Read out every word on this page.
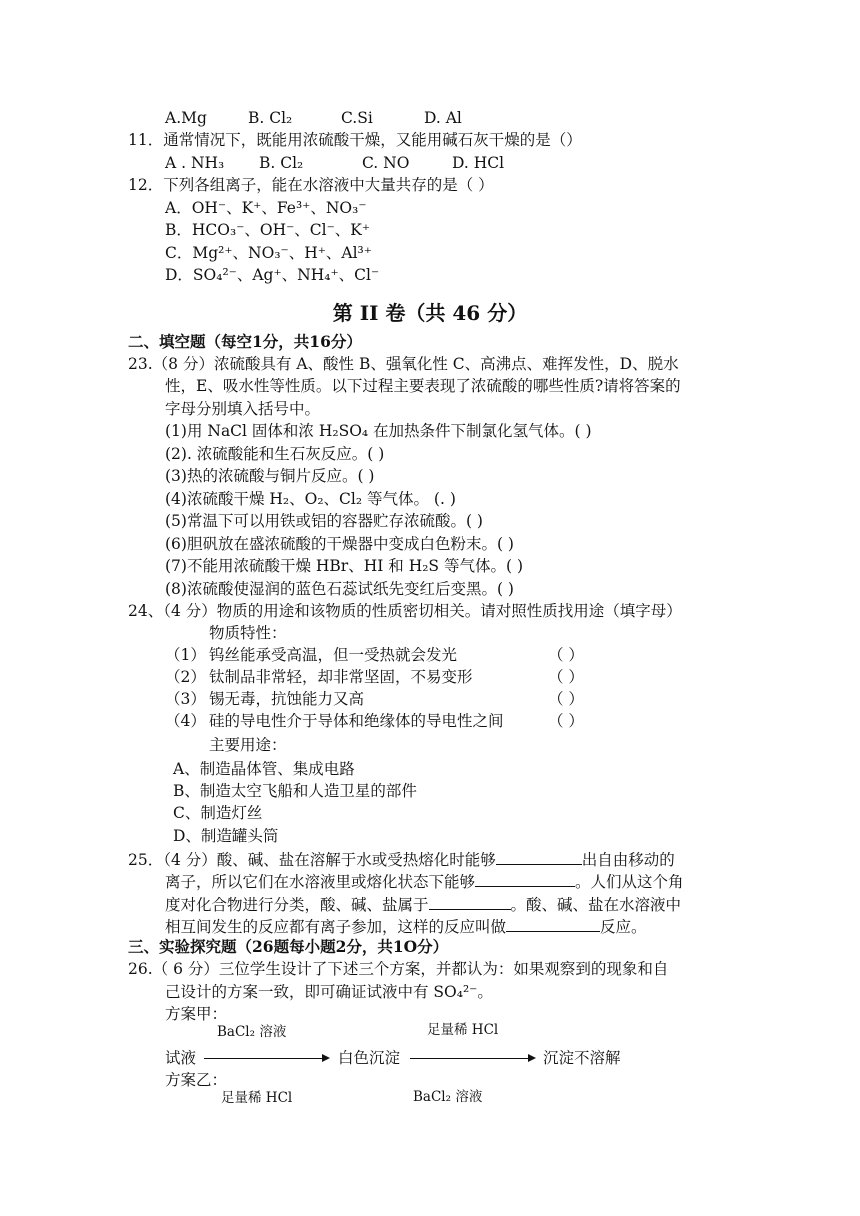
A.Mg	B. Cl₂	C.Si	D. Al
11．通常情况下，既能用浓硫酸干燥，又能用碱石灰干燥的是（）
A . NH₃ B. Cl₂	C. NO	D. HCl
12．下列各组离子，能在水溶液中大量共存的是（ ）
A．OH⁻、K⁺、Fe³⁺、NO₃⁻
B．HCO₃⁻、OH⁻、Cl⁻、K⁺
C．Mg²⁺、NO₃⁻、H⁺、Al³⁺
D．SO₄²⁻、Ag⁺、NH₄⁺、Cl⁻
第 II 卷（共 46 分）
二、填空题（每空1分，共16分）
23.（8 分）浓硫酸具有 A、酸性 B、强氧化性 C、高沸点、难挥发性，D、脱水
性，E、吸水性等性质。以下过程主要表现了浓硫酸的哪些性质?请将答案的
字母分别填入括号中。
(1)用 NaCl 固体和浓 H₂SO₄ 在加热条件下制氯化氢气体。( )
(2). 浓硫酸能和生石灰反应。( )
(3)热的浓硫酸与铜片反应。( )
(4)浓硫酸干燥 H₂、O₂、Cl₂ 等气体。 (. )
(5)常温下可以用铁或铝的容器贮存浓硫酸。( )
(6)胆矾放在盛浓硫酸的干燥器中变成白色粉末。( )
(7)不能用浓硫酸干燥 HBr、HI 和 H₂S 等气体。( )
(8)浓硫酸使湿润的蓝色石蕊试纸先变红后变黑。( )
24、（4 分）物质的用途和该物质的性质密切相关。请对照性质找用途（填字母）
物质特性：
（1） 钨丝能承受高温，但一受热就会发光	（ ）
（2） 钛制品非常轻，却非常坚固，不易变形	（ ）
（3） 锡无毒，抗蚀能力又高	（ ）
（4） 硅的导电性介于导体和绝缘体的导电性之间	（ ）
主要用途：
A、制造晶体管、集成电路
B、制造太空飞船和人造卫星的部件
C、制造灯丝
D、制造罐头筒
25．（4 分）酸、碱、盐在溶解于水或受热熔化时能够	出自由移动的
离子，所以它们在水溶液里或熔化状态下能够	。人们从这个角
度对化合物进行分类，酸、碱、盐属于	。酸、碱、盐在水溶液中
相互间发生的反应都有离子参加，这样的反应叫做	反应。
三、实验探究题（26题每小题2分，共1O分）
26.（ 6 分）三位学生设计了下述三个方案，并都认为：如果观察到的现象和自
己设计的方案一致，即可确证试液中有 SO₄²⁻。
方案甲：
BaCl₂ 溶液	足量稀 HCl
试液	白色沉淀	沉淀不溶解
方案乙：
足量稀 HCl	BaCl₂ 溶液
